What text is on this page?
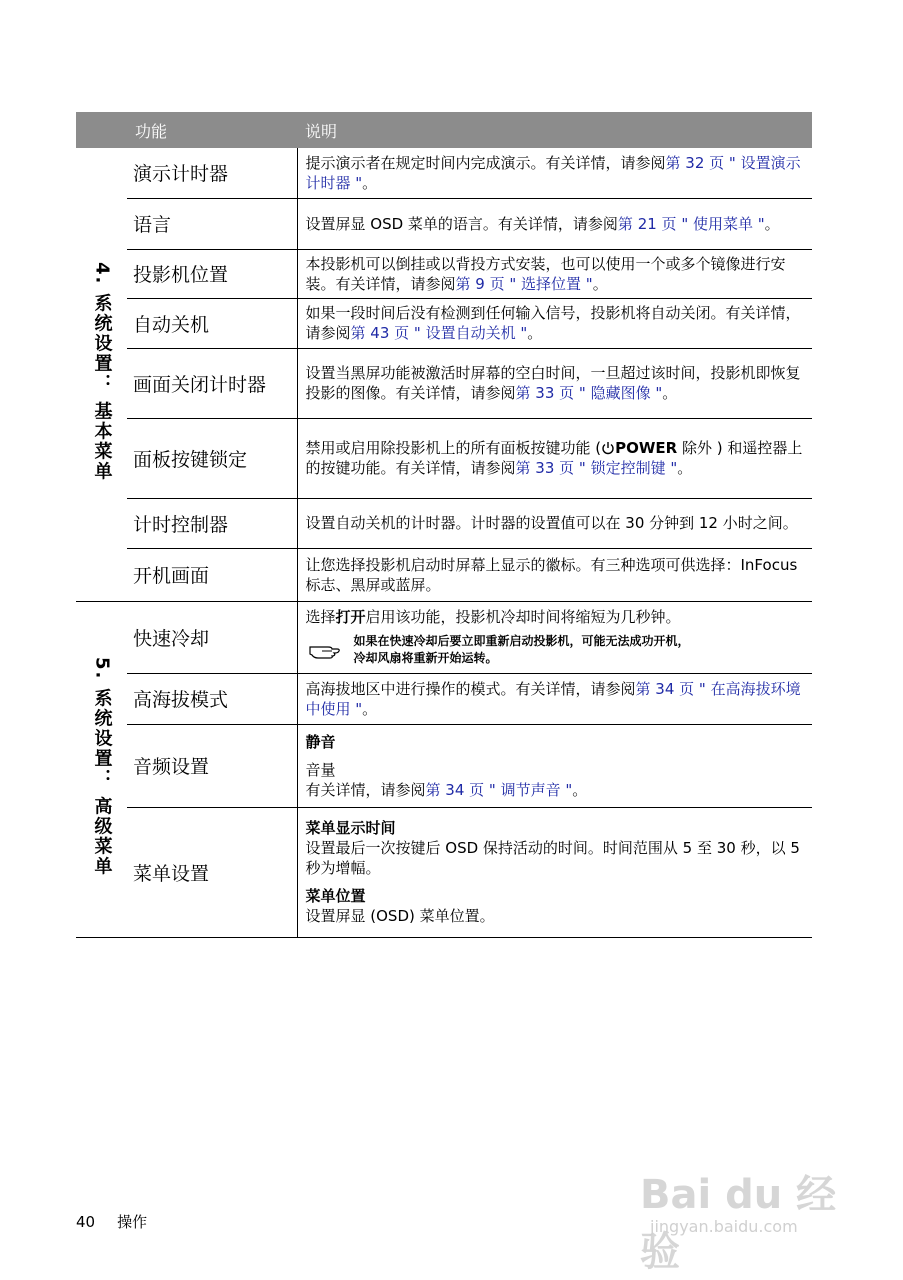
	功能	说明
4. 系统设置： 基本菜单	演示计时器	提示演示者在规定时间内完成演示。有关详情，请参阅第 32 页 " 设置演示计时器 "。
	语言	设置屏显 OSD 菜单的语言。有关详情，请参阅第 21 页 " 使用菜单 "。
	投影机位置	本投影机可以倒挂或以背投方式安装，也可以使用一个或多个镜像进行安装。有关详情，请参阅第 9 页 " 选择位置 "。
	自动关机	如果一段时间后没有检测到任何输入信号，投影机将自动关闭。有关详情，请参阅第 43 页 " 设置自动关机 "。
	画面关闭计时器	设置当黑屏功能被激活时屏幕的空白时间，一旦超过该时间，投影机即恢复投影的图像。有关详情，请参阅第 33 页 " 隐藏图像 "。
	面板按键锁定	禁用或启用除投影机上的所有面板按键功能 ( POWER 除外 ) 和遥控器上的按键功能。有关详情，请参阅第 33 页 " 锁定控制键 "。
	计时控制器	设置自动关机的计时器。计时器的设置值可以在 30 分钟到 12 小时之间。
	开机画面	让您选择投影机启动时屏幕上显示的徽标。有三种选项可供选择：InFocus 标志、黑屏或蓝屏。
5. 系统设置： 高级菜单	快速冷却	选择打开启用该功能，投影机冷却时间将缩短为几秒钟。
如果在快速冷却后要立即重新启动投影机，可能无法成功开机，
冷却风扇将重新开始运转。

	高海拔模式	高海拔地区中进行操作的模式。有关详情，请参阅第 34 页 " 在高海拔环境中使用 "。
	音频设置	静音
音量
有关详情，请参阅第 34 页 " 调节声音 "。

	菜单设置	菜单显示时间
设置最后一次按键后 OSD 保持活动的时间。时间范围从 5 至 30 秒，以 5 秒为增幅。
菜单位置
设置屏显 (OSD) 菜单位置。
40 操作
Bai du 经验
jingyan.baidu.com
